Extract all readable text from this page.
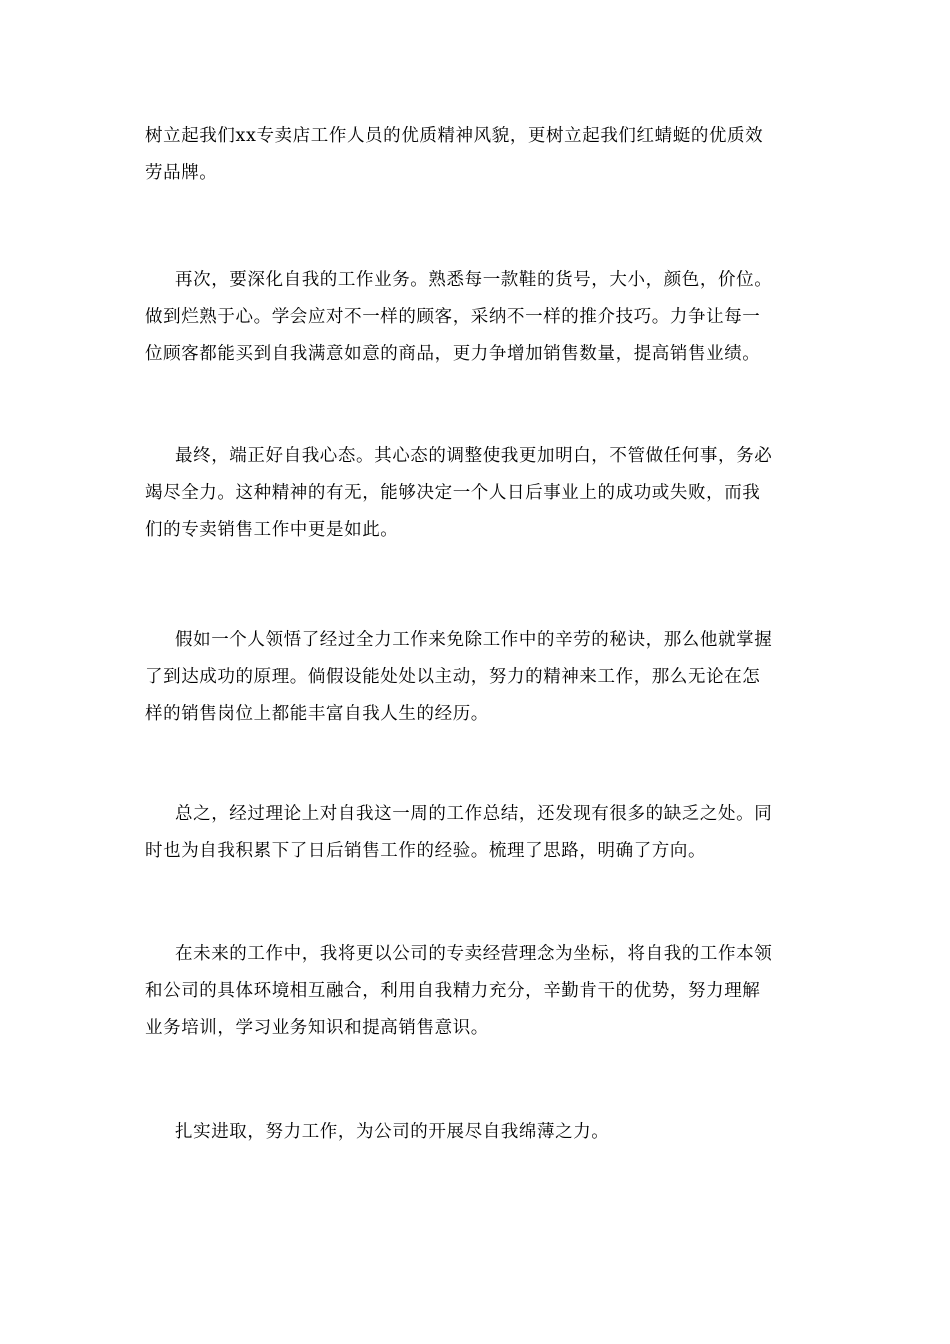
树立起我们xx专卖店工作人员的优质精神风貌，更树立起我们红蜻蜓的优质效
劳品牌。

再次，要深化自我的工作业务。熟悉每一款鞋的货号，大小，颜色，价位。
做到烂熟于心。学会应对不一样的顾客，采纳不一样的推介技巧。力争让每一
位顾客都能买到自我满意如意的商品，更力争增加销售数量，提高销售业绩。

最终，端正好自我心态。其心态的调整使我更加明白，不管做任何事，务必
竭尽全力。这种精神的有无，能够决定一个人日后事业上的成功或失败，而我
们的专卖销售工作中更是如此。

假如一个人领悟了经过全力工作来免除工作中的辛劳的秘诀，那么他就掌握
了到达成功的原理。倘假设能处处以主动，努力的精神来工作，那么无论在怎
样的销售岗位上都能丰富自我人生的经历。

总之，经过理论上对自我这一周的工作总结，还发现有很多的缺乏之处。同
时也为自我积累下了日后销售工作的经验。梳理了思路，明确了方向。

在未来的工作中，我将更以公司的专卖经营理念为坐标，将自我的工作本领
和公司的具体环境相互融合，利用自我精力充分，辛勤肯干的优势，努力理解
业务培训，学习业务知识和提高销售意识。

扎实进取，努力工作，为公司的开展尽自我绵薄之力。
